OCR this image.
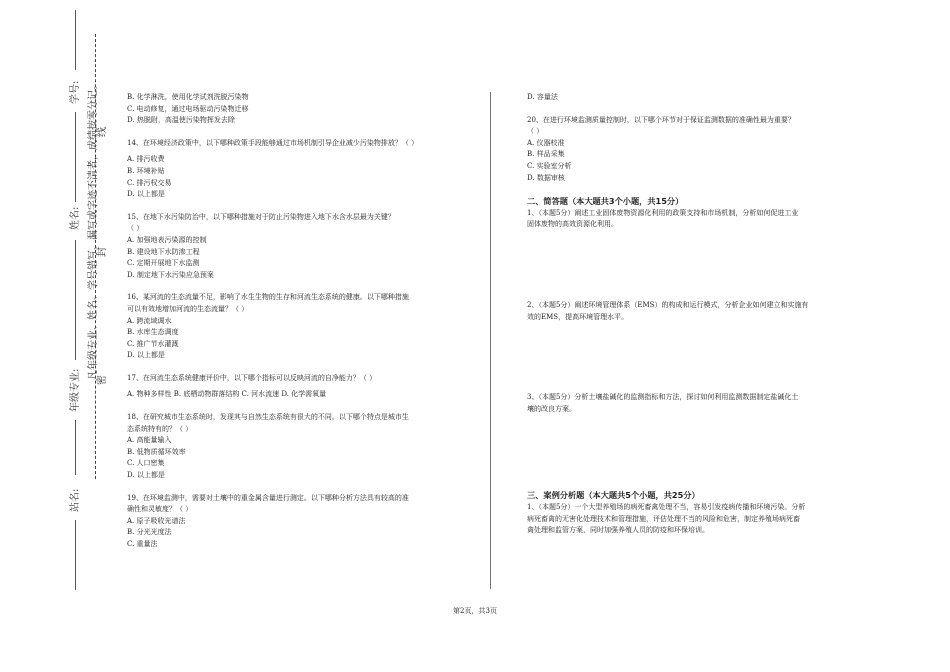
学号:
姓名:
年级专业:
站名:
凡年级专业、姓名、学号错写、漏写或字迹不清者，成绩按零分记。
线
封
密
B. 化学淋洗，使用化学试剂洗脱污染物
C. 电动修复，通过电场驱动污染物迁移
D. 热脱附，高温使污染物挥发去除
14、在环境经济政策中，以下哪种政策手段能够通过市场机制引导企业减少污染物排放？（ ）
A. 排污收费
B. 环境补贴
C. 排污权交易
D. 以上都是
15、在地下水污染防治中，以下哪种措施对于防止污染物进入地下水含水层最为关键？
（ ）
A. 加强地表污染源的控制
B. 建设地下水防渗工程
C. 定期开展地下水监测
D. 制定地下水污染应急预案
16、某河流的生态流量不足，影响了水生生物的生存和河流生态系统的健康。以下哪种措施
可以有效地增加河流的生态流量？（ ）
A. 跨流域调水
B. 水库生态调度
C. 推广节水灌溉
D. 以上都是
17、在河流生态系统健康评价中，以下哪个指标可以反映河流的自净能力？（ ）
A. 物种多样性 B. 底栖动物群落结构 C. 河水流速 D. 化学需氧量
18、在研究城市生态系统时，发现其与自然生态系统有很大的不同。以下哪个特点是城市生
态系统特有的？（ ）
A. 高能量输入
B. 低物质循环效率
C. 人口密集
D. 以上都是
19、在环境监测中，需要对土壤中的重金属含量进行测定。以下哪种分析方法具有较高的准
确性和灵敏度？（ ）
A. 原子吸收光谱法
B. 分光光度法
C. 重量法
D. 容量法
20、在进行环境监测质量控制时，以下哪个环节对于保证监测数据的准确性最为重要？
（ ）
A. 仪器校准
B. 样品采集
C. 实验室分析
D. 数据审核
二、简答题（本大题共3个小题，共15分）
1、（本题5分）阐述工业固体废物资源化利用的政策支持和市场机制，分析如何促进工业
固体废物的高效资源化利用。
2、（本题5分）阐述环境管理体系（EMS）的构成和运行模式，分析企业如何建立和实施有
效的EMS，提高环境管理水平。
3、（本题5分）分析土壤盐碱化的监测指标和方法，探讨如何利用监测数据制定盐碱化土
壤的改良方案。
三、案例分析题（本大题共5个小题，共25分）
1、（本题5分）一个大型养殖场的病死畜禽处理不当，容易引发疫病传播和环境污染。分析
病死畜禽的无害化处理技术和管理措施，评估处理不当的风险和危害，制定养殖场病死畜
禽处理和监管方案，同时加强养殖人员的防疫和环保培训。
第2页，共3页
